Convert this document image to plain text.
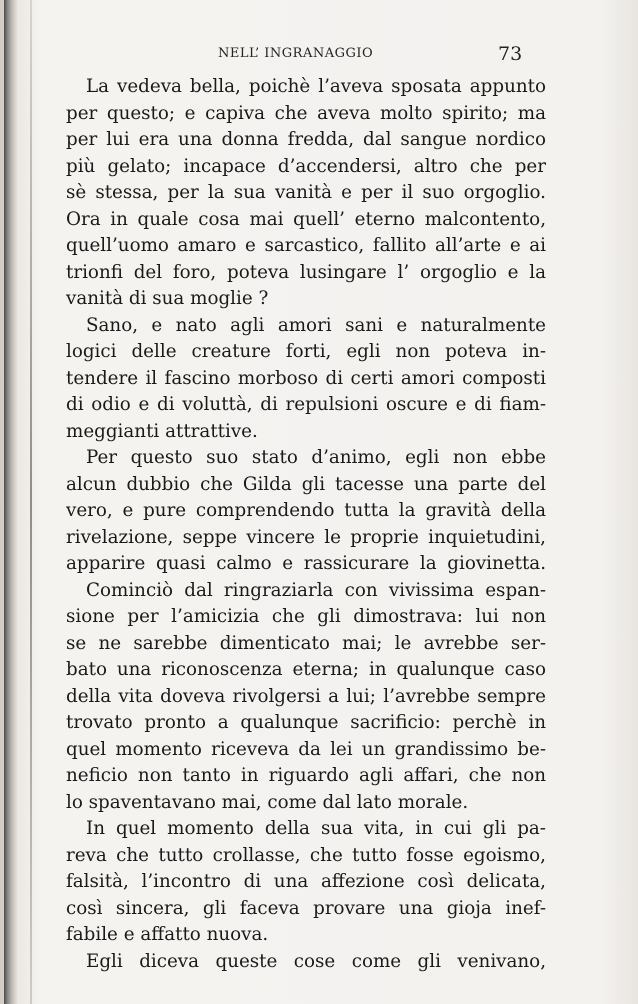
NELL’ INGRANAGGIO	73
La vedeva bella, poichè l’aveva sposata appunto
per questo; e capiva che aveva molto spirito; ma
per lui era una donna fredda, dal sangue nordico
più gelato; incapace d’accendersi, altro che per
sè stessa, per la sua vanità e per il suo orgoglio.
Ora in quale cosa mai quell’ eterno malcontento,
quell’uomo amaro e sarcastico, fallito all’arte e ai
trionfi del foro, poteva lusingare l’ orgoglio e la
vanità di sua moglie ?
Sano, e nato agli amori sani e naturalmente
logici delle creature forti, egli non poteva in-
tendere il fascino morboso di certi amori composti
di odio e di voluttà, di repulsioni oscure e di fiam-
meggianti attrattive.
Per questo suo stato d’animo, egli non ebbe
alcun dubbio che Gilda gli tacesse una parte del
vero, e pure comprendendo tutta la gravità della
rivelazione, seppe vincere le proprie inquietudini,
apparire quasi calmo e rassicurare la giovinetta.
Cominciò dal ringraziarla con vivissima espan-
sione per l’amicizia che gli dimostrava: lui non
se ne sarebbe dimenticato mai; le avrebbe ser-
bato una riconoscenza eterna; in qualunque caso
della vita doveva rivolgersi a lui; l’avrebbe sempre
trovato pronto a qualunque sacrificio: perchè in
quel momento riceveva da lei un grandissimo be-
neficio non tanto in riguardo agli affari, che non
lo spaventavano mai, come dal lato morale.
In quel momento della sua vita, in cui gli pa-
reva che tutto crollasse, che tutto fosse egoismo,
falsità, l’incontro di una affezione così delicata,
così sincera, gli faceva provare una gioja inef-
fabile e affatto nuova.
Egli diceva queste cose come gli venivano,
